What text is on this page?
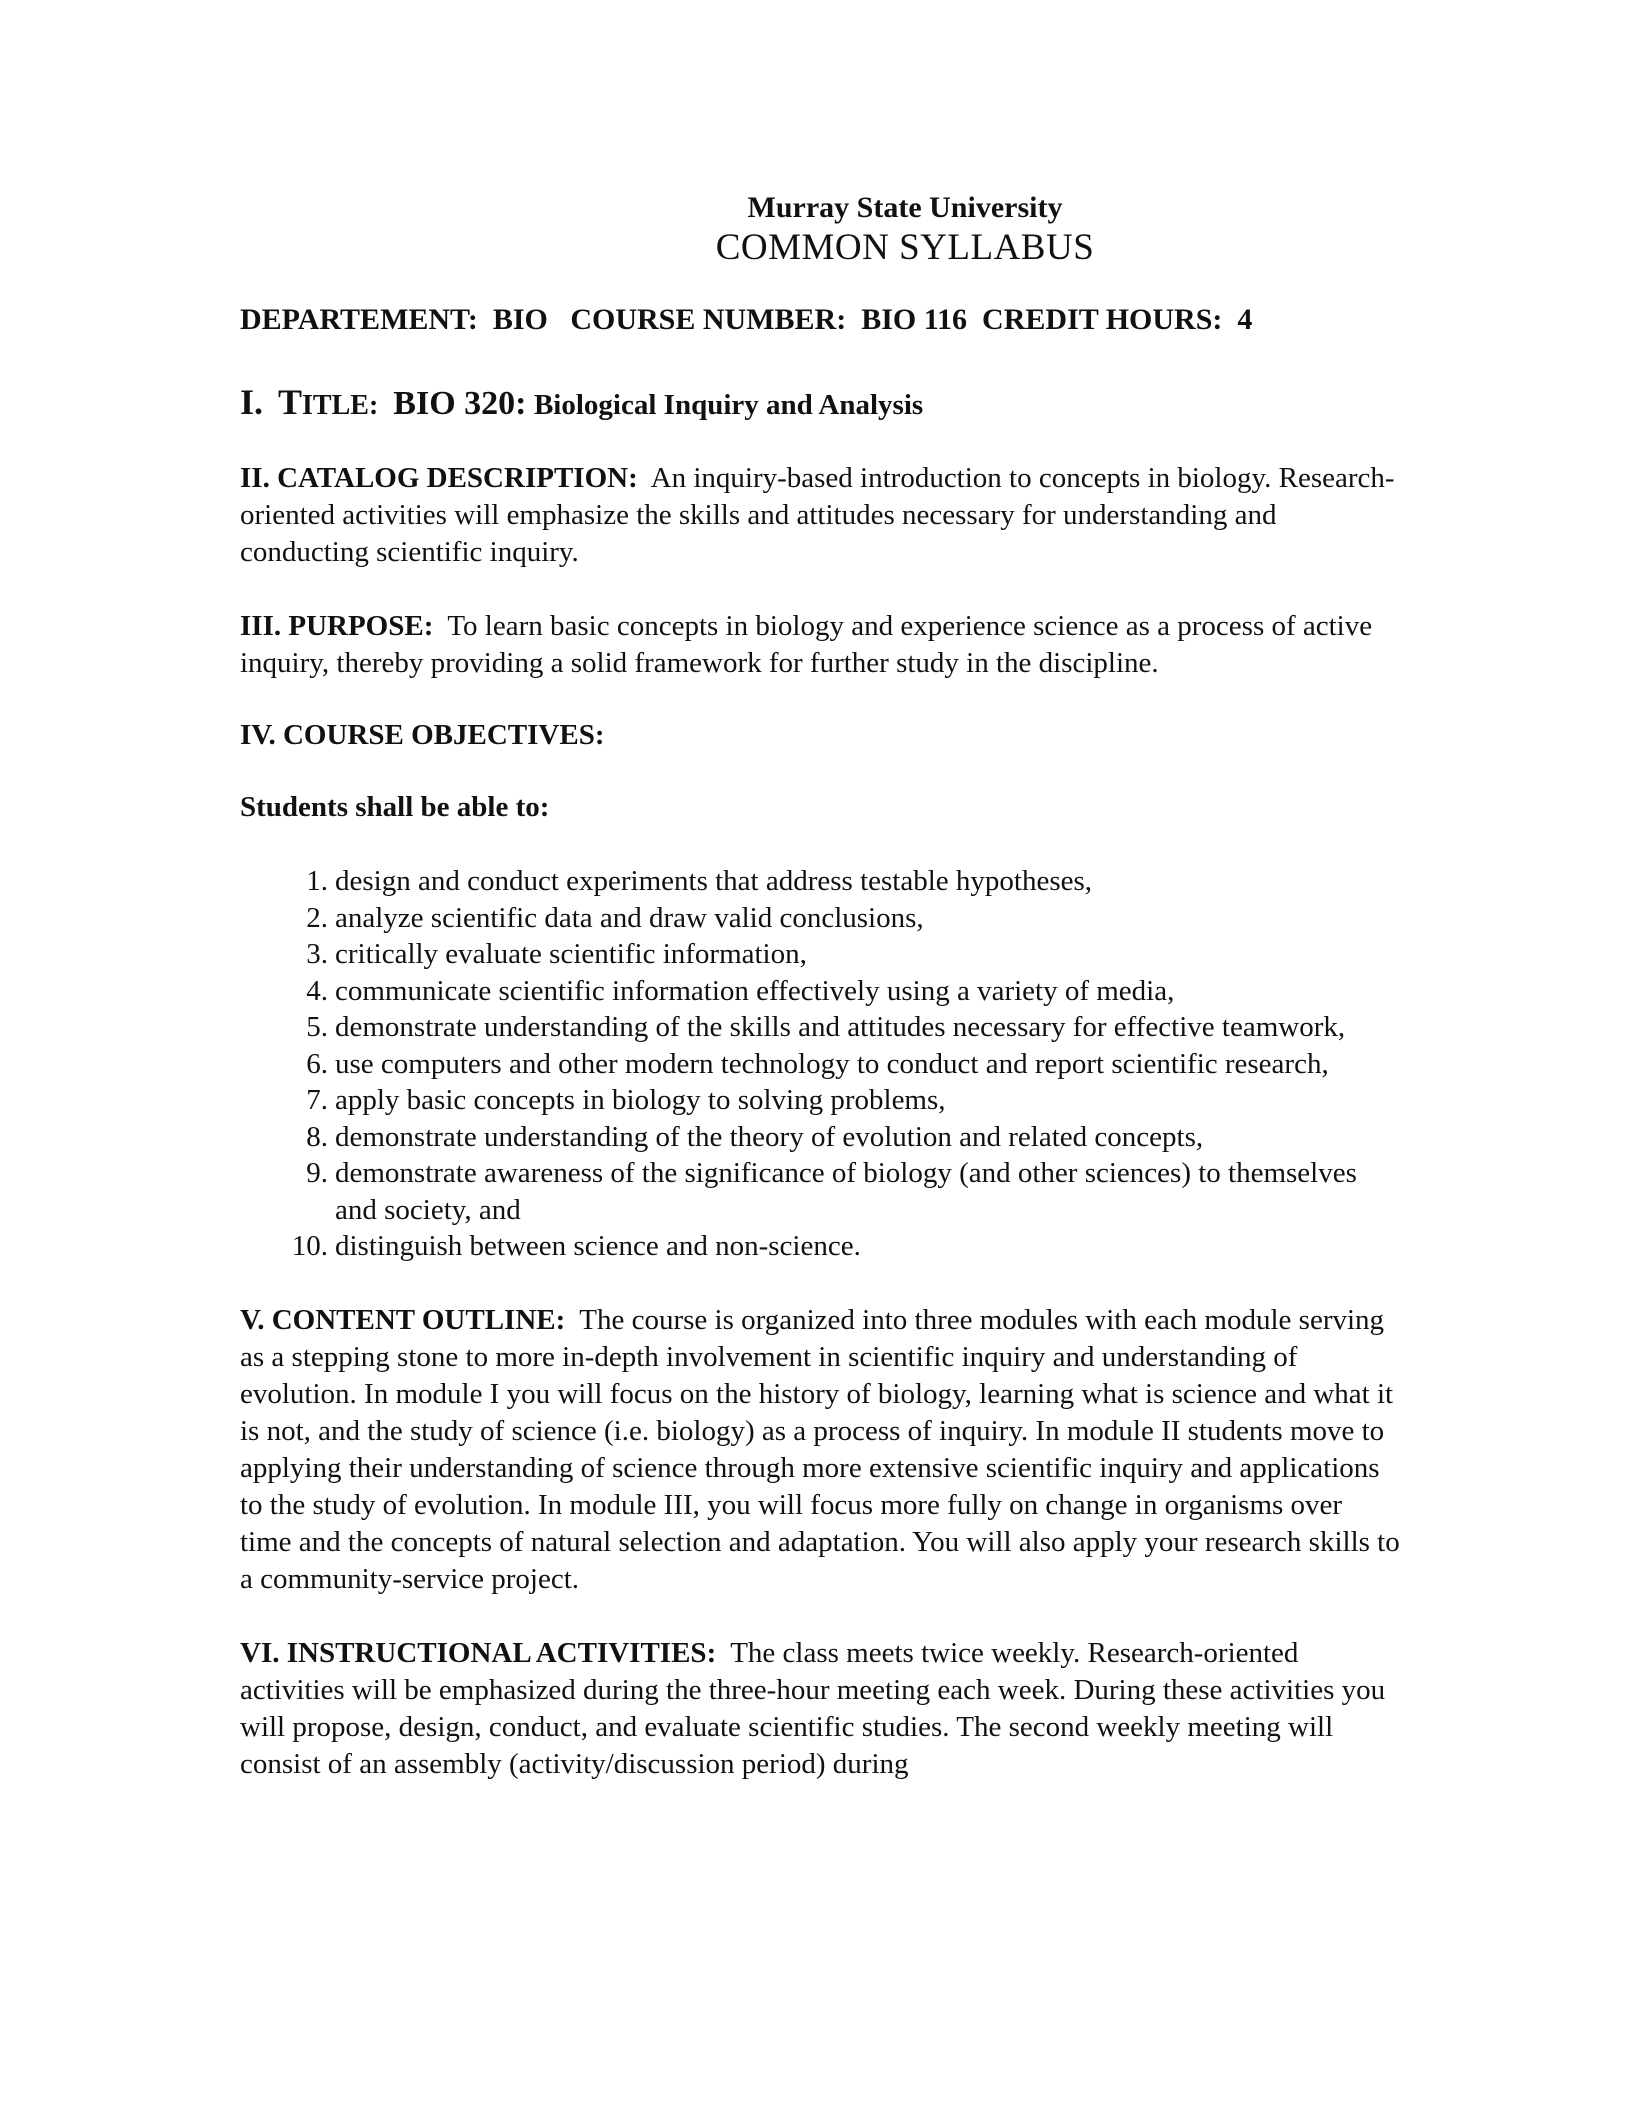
Murray State University
COMMON SYLLABUS
DEPARTEMENT:  BIO   COURSE NUMBER:  BIO 116  CREDIT HOURS:  4
I. TITLE: BIO 320: Biological Inquiry and Analysis
II. CATALOG DESCRIPTION: An inquiry-based introduction to concepts in biology. Research-oriented activities will emphasize the skills and attitudes necessary for understanding and conducting scientific inquiry.
III. PURPOSE: To learn basic concepts in biology and experience science as a process of active inquiry, thereby providing a solid framework for further study in the discipline.
IV. COURSE OBJECTIVES:
Students shall be able to:
1. design and conduct experiments that address testable hypotheses,
2. analyze scientific data and draw valid conclusions,
3. critically evaluate scientific information,
4. communicate scientific information effectively using a variety of media,
5. demonstrate understanding of the skills and attitudes necessary for effective teamwork,
6. use computers and other modern technology to conduct and report scientific research,
7. apply basic concepts in biology to solving problems,
8. demonstrate understanding of the theory of evolution and related concepts,
9. demonstrate awareness of the significance of biology (and other sciences) to themselves and society, and
10. distinguish between science and non-science.
V. CONTENT OUTLINE: The course is organized into three modules with each module serving as a stepping stone to more in-depth involvement in scientific inquiry and understanding of evolution. In module I you will focus on the history of biology, learning what is science and what it is not, and the study of science (i.e. biology) as a process of inquiry. In module II students move to applying their understanding of science through more extensive scientific inquiry and applications to the study of evolution. In module III, you will focus more fully on change in organisms over time and the concepts of natural selection and adaptation. You will also apply your research skills to a community-service project.
VI. INSTRUCTIONAL ACTIVITIES: The class meets twice weekly. Research-oriented activities will be emphasized during the three-hour meeting each week. During these activities you will propose, design, conduct, and evaluate scientific studies. The second weekly meeting will consist of an assembly (activity/discussion period) during
